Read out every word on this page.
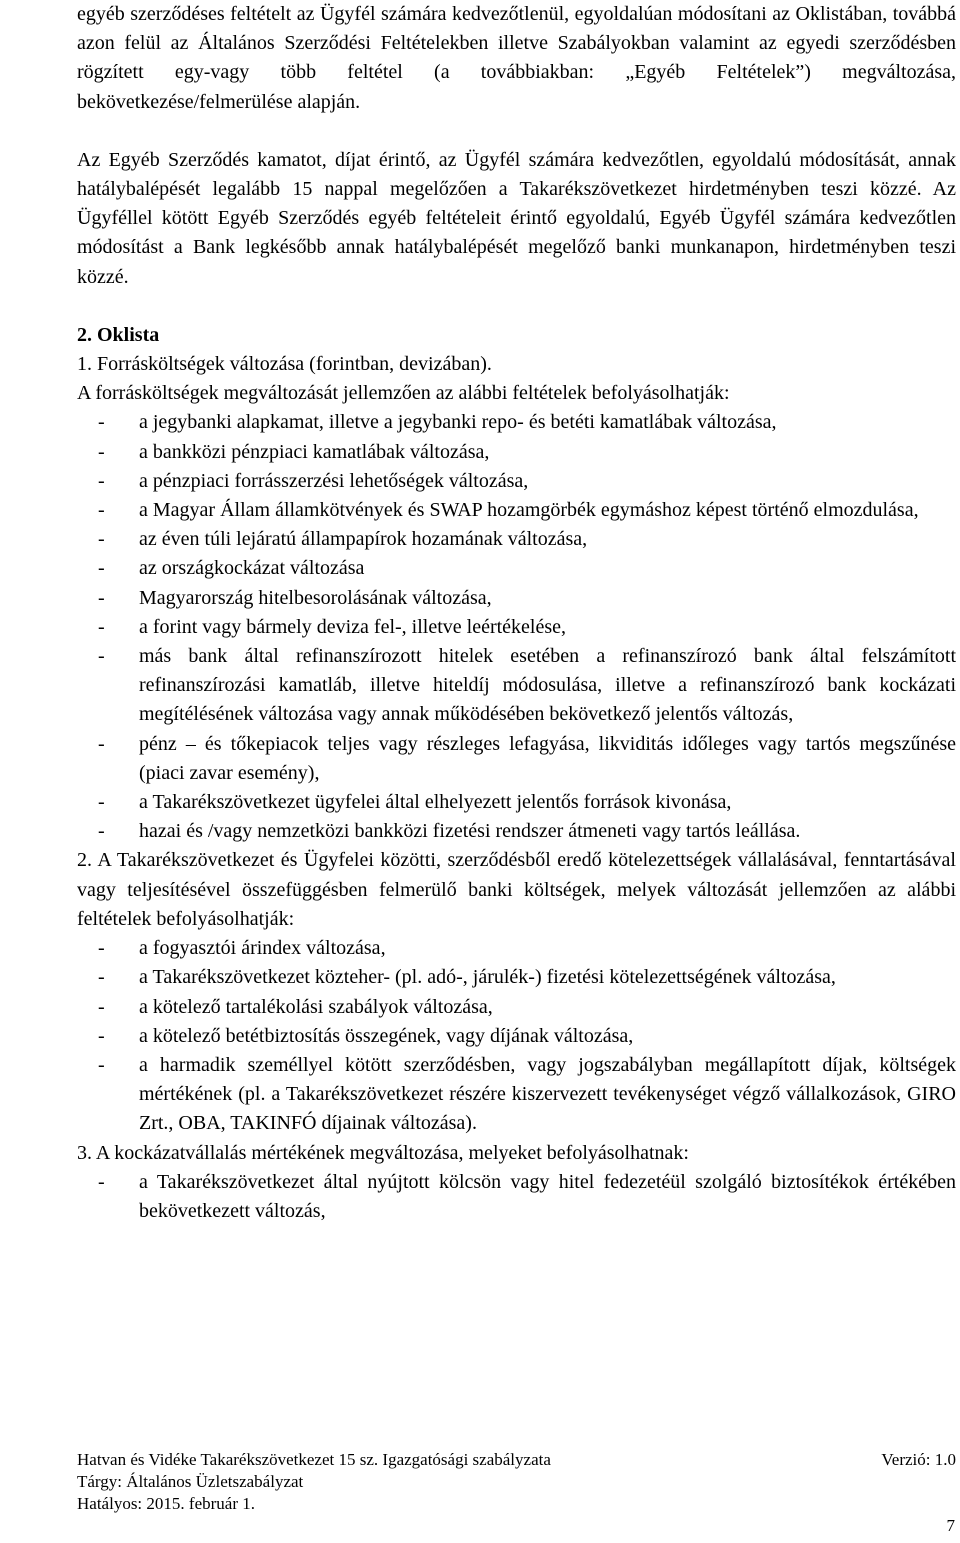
egyéb szerződéses feltételt az Ügyfél számára kedvezőtlenül, egyoldalúan módosítani az Oklistában, továbbá azon felül az Általános Szerződési Feltételekben illetve Szabályokban valamint az egyedi szerződésben rögzített egy-vagy több feltétel (a továbbiakban: „Egyéb Feltételek”) megváltozása, bekövetkezése/felmerülése alapján.

Az Egyéb Szerződés kamatot, díjat érintő, az Ügyfél számára kedvezőtlen, egyoldalú módosítását, annak hatálybalépését legalább 15 nappal megelőzően a Takarékszövetkezet hirdetményben teszi közzé. Az Ügyféllel kötött Egyéb Szerződés egyéb feltételeit érintő egyoldalú, Egyéb Ügyfél számára kedvezőtlen módosítást a Bank legkésőbb annak hatálybalépését megelőző banki munkanapon, hirdetményben teszi közzé.

2. Oklista

1. Forrásköltségek változása (forintban, devizában).

A forrásköltségek megváltozását jellemzően az alábbi feltételek befolyásolhatják:

-	a jegybanki alapkamat, illetve a jegybanki repo- és betéti kamatlábak változása,
-	a bankközi pénzpiaci kamatlábak változása,
-	a pénzpiaci forrásszerzési lehetőségek változása,
-	a Magyar Állam államkötvények és SWAP hozamgörbék egymáshoz képest történő elmozdulása,
-	az éven túli lejáratú állampapírok hozamának változása,
-	az országkockázat változása
-	Magyarország hitelbesorolásának változása,
-	a forint vagy bármely deviza fel-, illetve leértékelése,
-	más bank által refinanszírozott hitelek esetében a refinanszírozó bank által felszámított refinanszírozási kamatláb, illetve hiteldíj módosulása, illetve a refinanszírozó bank kockázati megítélésének változása vagy annak működésében bekövetkező jelentős változás,
-	pénz – és tőkepiacok teljes vagy részleges lefagyása, likviditás időleges vagy tartós megszűnése (piaci zavar esemény),
-	a Takarékszövetkezet ügyfelei által elhelyezett jelentős források kivonása,
-	hazai és /vagy nemzetközi bankközi fizetési rendszer átmeneti vagy tartós leállása.

2. A Takarékszövetkezet és Ügyfelei közötti, szerződésből eredő kötelezettségek vállalásával, fenntartásával vagy teljesítésével összefüggésben felmerülő banki költségek, melyek változását jellemzően az alábbi feltételek befolyásolhatják:

-	a fogyasztói árindex változása,
-	a Takarékszövetkezet közteher- (pl. adó-, járulék-) fizetési kötelezettségének változása,
-	a kötelező tartalékolási szabályok változása,
-	a kötelező betétbiztosítás összegének, vagy díjának változása,
-	a harmadik személlyel kötött szerződésben, vagy jogszabályban megállapított díjak, költségek mértékének (pl. a Takarékszövetkezet részére kiszervezett tevékenységet végző vállalkozások, GIRO Zrt., OBA, TAKINFÓ díjainak változása).

3. A kockázatvállalás mértékének megváltozása, melyeket befolyásolhatnak:

-	a Takarékszövetkezet által nyújtott kölcsön vagy hitel fedezetéül szolgáló biztosítékok értékében bekövetkezett változás,
Hatvan és Vidéke Takarékszövetkezet 15 sz. Igazgatósági szabályzata	Verzió: 1.0
Tárgy: Általános Üzletszabályzat
Hatályos: 2015. február 1.
7
